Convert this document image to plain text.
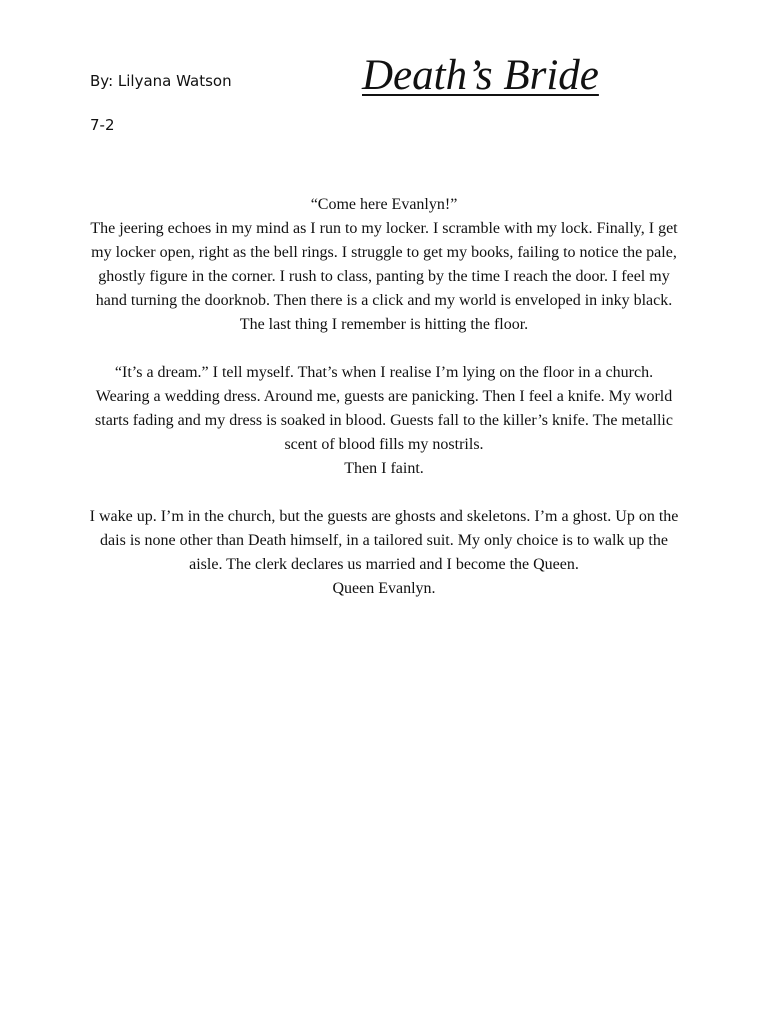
By: Lilyana Watson
7-2
Death’s Bride

“Come here Evanlyn!”
The jeering echoes in my mind as I run to my locker. I scramble with my lock. Finally, I get my locker open, right as the bell rings. I struggle to get my books, failing to notice the pale, ghostly figure in the corner. I rush to class, panting by the time I reach the door. I feel my hand turning the doorknob. Then there is a click and my world is enveloped in inky black. The last thing I remember is hitting the floor.

“It’s a dream.” I tell myself. That’s when I realise I’m lying on the floor in a church. Wearing a wedding dress. Around me, guests are panicking. Then I feel a knife. My world starts fading and my dress is soaked in blood. Guests fall to the killer’s knife. The metallic scent of blood fills my nostrils.
Then I faint.

I wake up. I’m in the church, but the guests are ghosts and skeletons. I’m a ghost. Up on the dais is none other than Death himself, in a tailored suit. My only choice is to walk up the aisle. The clerk declares us married and I become the Queen.
Queen Evanlyn.
